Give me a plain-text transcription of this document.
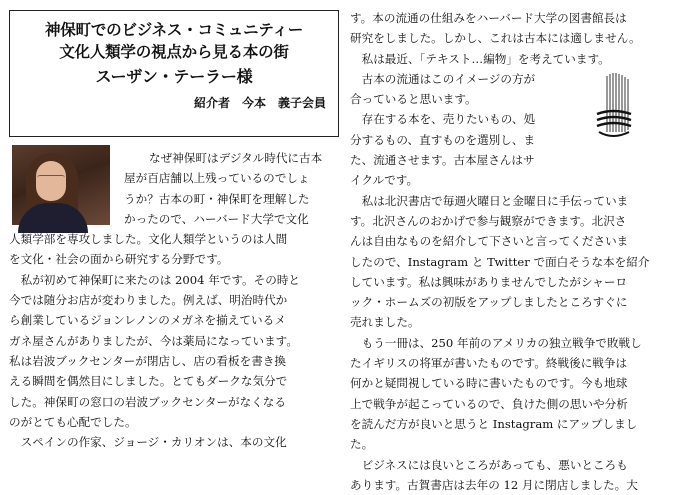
神保町でのビジネス・コミュニティー
文化人類学の視点から見る本の街
スーザン・テーラー様
紹介者　今本　義子会員
なぜ神保町はデジタル時代に古本
屋が百店舗以上残っているのでしょ
うか？古本の町・神保町を理解した
かったので、ハーバード大学で文化
人類学部を専攻しました。文化人類学というのは人間
を文化・社会の面から研究する分野です。
　私が初めて神保町に来たのは 2004 年です。その時と
今では随分お店が変わりました。例えば、明治時代か
ら創業しているジョンレノンのメガネを揃えているメ
ガネ屋さんがありましたが、今は薬局になっています。
私は岩波ブックセンターが閉店し、店の看板を書き換
える瞬間を偶然目にしました。とてもダークな気分で
した。神保町の窓口の岩波ブックセンターがなくなる
のがとても心配でした。
　スペインの作家、ジョージ・カリオンは、本の文化
す。本の流通の仕組みをハーバード大学の図書館長は
研究をしました。しかし、これは古本には適しません。
　私は最近、「テキスト…編物」を考えています。
　古本の流通はこのイメージの方が
合っていると思います。
　存在する本を、売りたいもの、処
分するもの、直すものを選別し、ま
た、流通させます。古本屋さんはサ
イクルです。
　私は北沢書店で毎週火曜日と金曜日に手伝っていま
す。北沢さんのおかげで参与観察ができます。北沢さ
んは自由なものを紹介して下さいと言ってくださいま
したので、Instagram と Twitter で面白そうな本を紹介
しています。私は興味がありませんでしたがシャーロ
ック・ホームズの初版をアップしましたところすぐに
売れました。
　もう一冊は、250 年前のアメリカの独立戦争で敗戦し
たイギリスの将軍が書いたものです。終戦後に戦争は
何かと疑問視している時に書いたものです。今も地球
上で戦争が起こっているので、負けた側の思いや分析
を読んだ方が良いと思うと Instagram にアップしまし
た。
　ビジネスには良いところがあっても、悪いところも
あります。古賀書店は去年の 12 月に閉店しました。大
